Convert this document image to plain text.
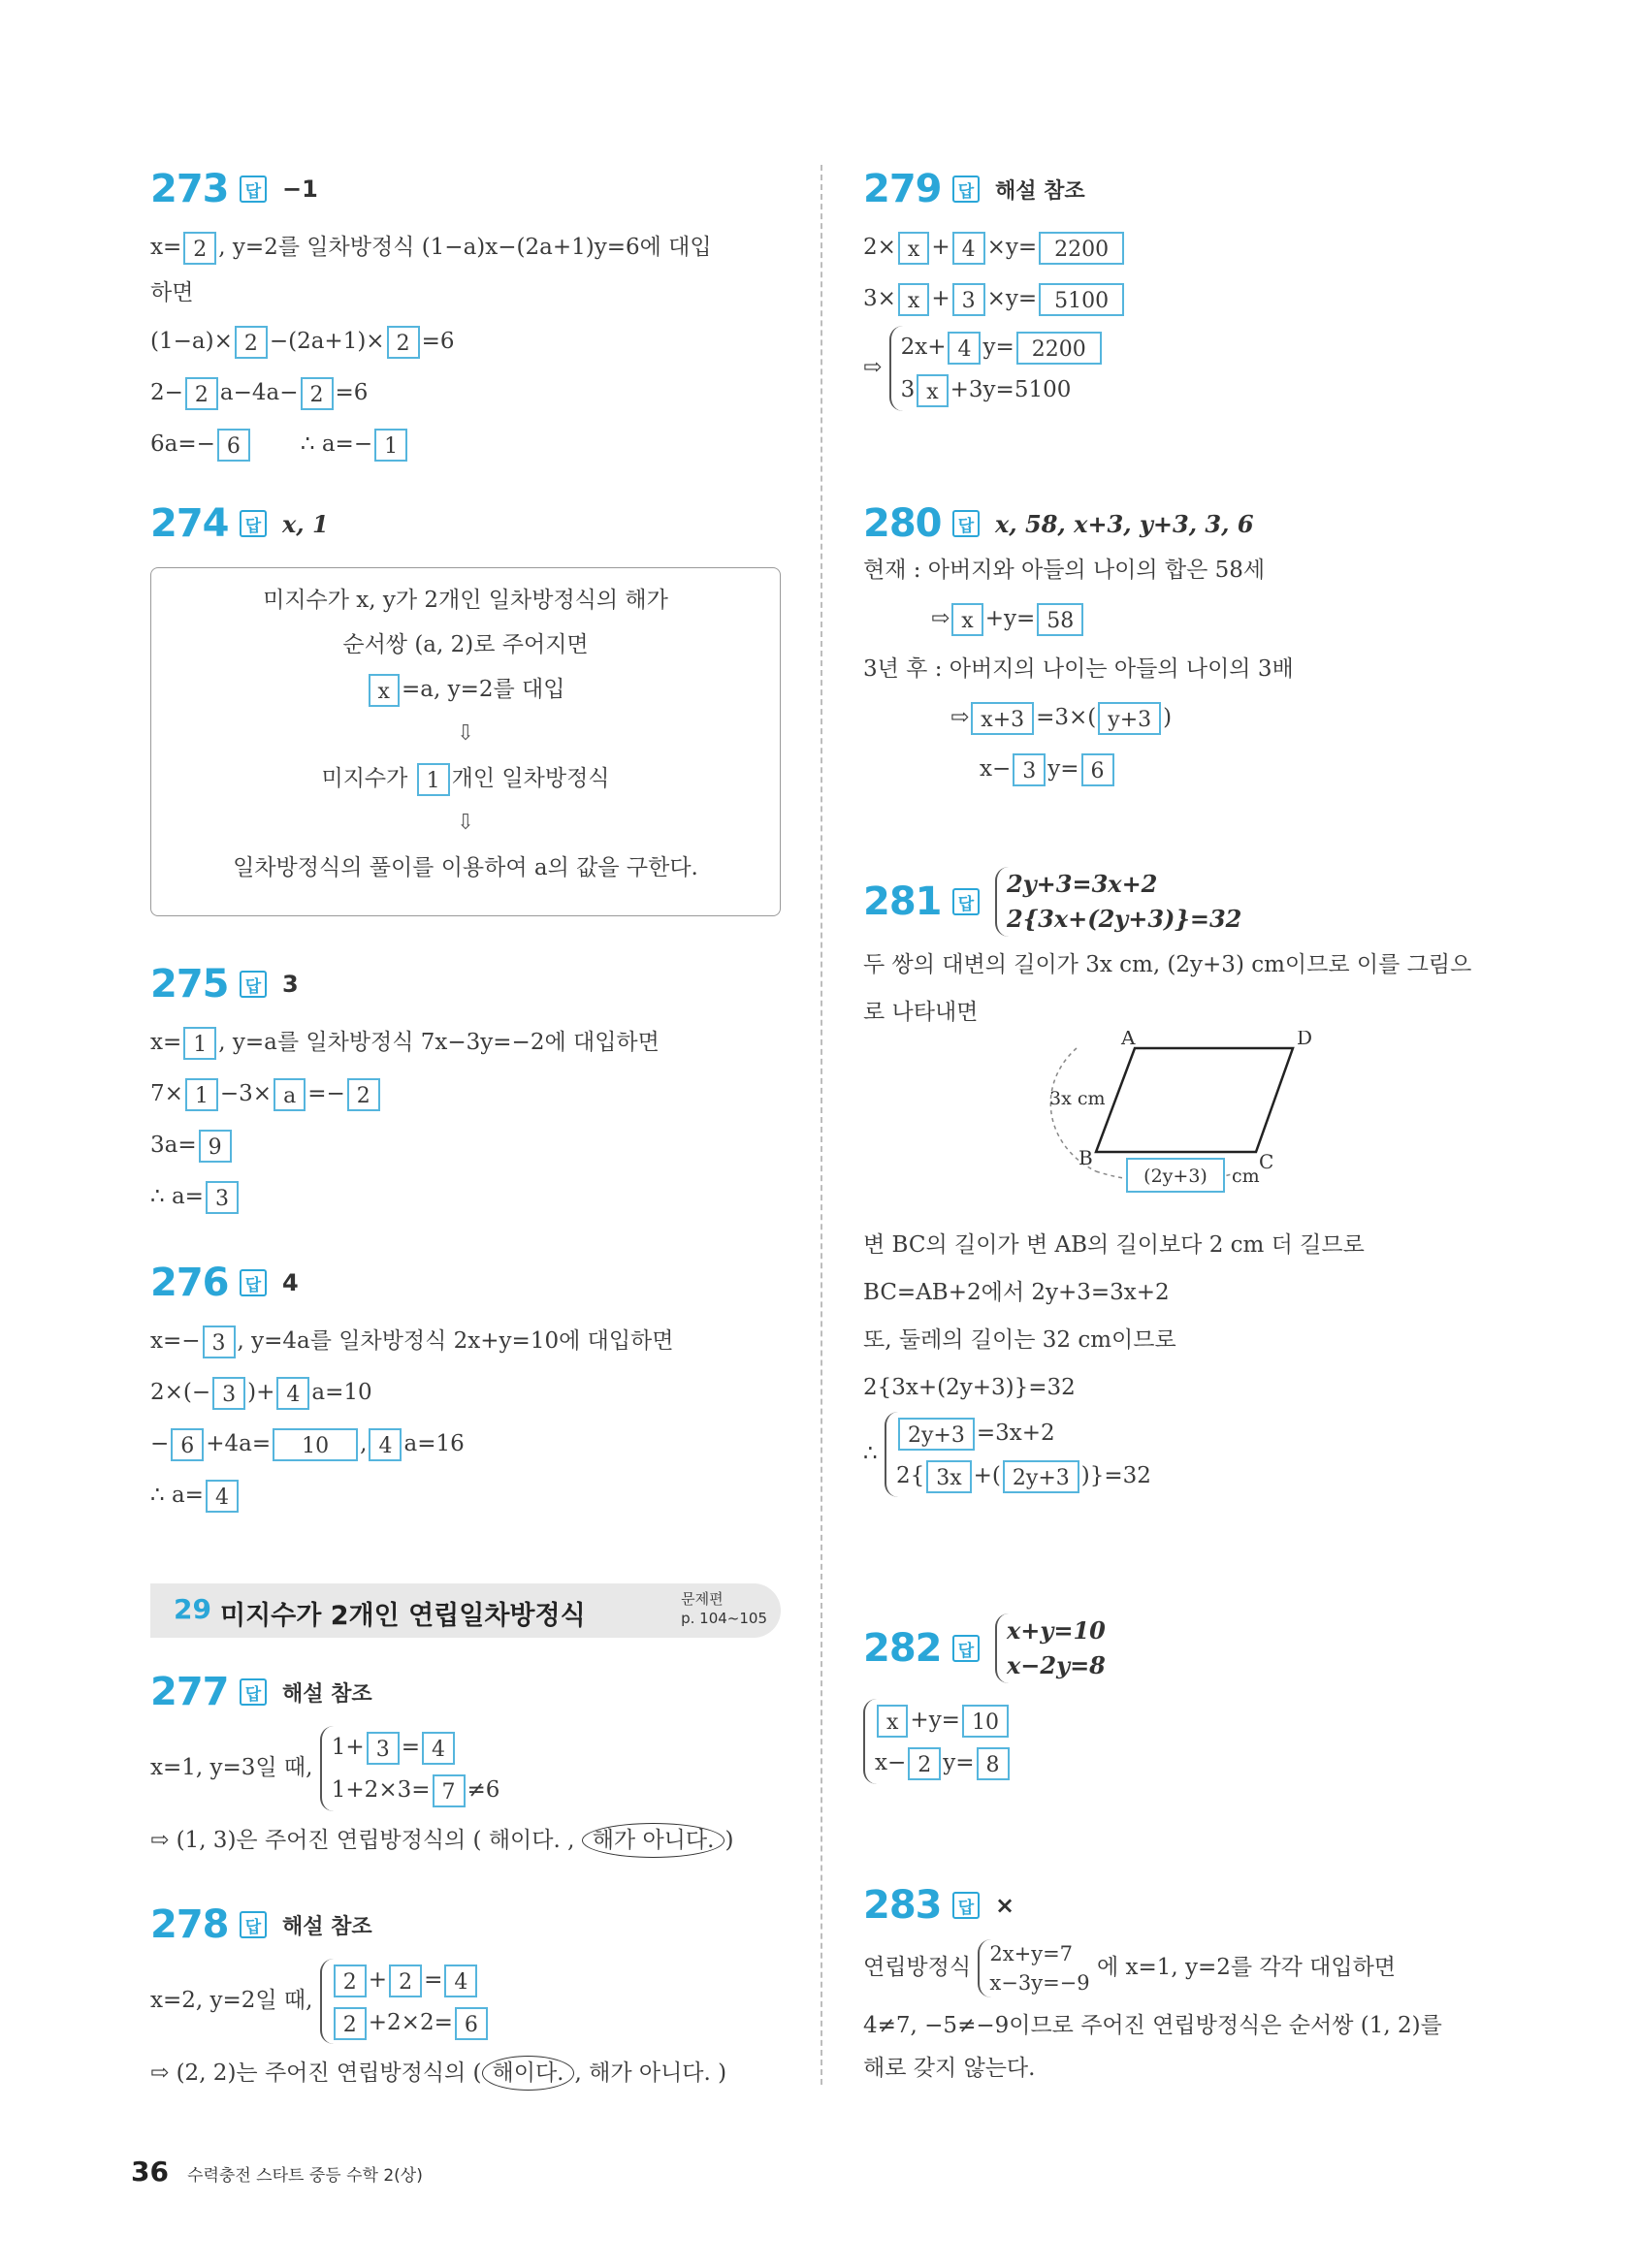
273	답 −1
x= 2 , y=2를 일차방정식 (1−a)x−(2a+1)y=6에 대입
하면
(1−a)× 2 −(2a+1)× 2 =6
2− 2 a−4a− 2 =6
6a=− 6	∴ a=− 1
274	답 x, 1
미지수가 x, y가 2개인 일차방정식의 해가
순서쌍 (a, 2)로 주어지면
x =a, y=2를 대입
⇩
미지수가 1 개인 일차방정식
⇩
일차방정식의 풀이를 이용하여 a의 값을 구한다.
275	답 3
x= 1 , y=a를 일차방정식 7x−3y=−2에 대입하면
7× 1 −3× a =− 2
3a= 9
∴ a= 3
276	답 4
x=− 3 , y=4a를 일차방정식 2x+y=10에 대입하면
2×(− 3 )+ 4 a=10
− 6 +4a= 10 , 4 a=16
∴ a= 4
29 미지수가 2개인 연립일차방정식
문제편
p. 104~105
277	답 해설 참조
x=1, y=3일 때,
1+ 3 = 4
1+2×3= 7 ≠6
⇨ (1, 3)은 주어진 연립방정식의 ( 해이다. , 해가 아니다. )
278	답 해설 참조
x=2, y=2일 때,
2 + 2 = 4
2 +2×2= 6
⇨ (2, 2)는 주어진 연립방정식의 ( 해이다. , 해가 아니다. )
279	답 해설 참조
2× x + 4 ×y= 2200
3× x + 3 ×y= 5100
⇨
2x+ 4 y= 2200
3 x +3y=5100
280	답 x, 58, x+3, y+3, 3, 6
현재 : 아버지와 아들의 나이의 합은 58세
⇨ x +y= 58
3년 후 : 아버지의 나이는 아들의 나이의 3배
⇨ x+3 =3×( y+3 )
x− 3 y= 6
281	답
2y+3=3x+2
2{3x+(2y+3)}=32
두 쌍의 대변의 길이가 3x cm, (2y+3) cm이므로 이를 그림으
로 나타내면
A	D
B	C
3x cm
(2y+3) cm
변 BC의 길이가 변 AB의 길이보다 2 cm 더 길므로
BC=AB+2에서 2y+3=3x+2
또, 둘레의 길이는 32 cm이므로
2{3x+(2y+3)}=32
∴
2y+3 =3x+2
2{ 3x +( 2y+3 )}=32
282	답
x+y=10
x−2y=8
x +y= 10
x− 2 y= 8
283	답 ×
연립방정식
2x+y=7
x−3y=−9
에 x=1, y=2를 각각 대입하면
4≠7, −5≠−9이므로 주어진 연립방정식은 순서쌍 (1, 2)를
해로 갖지 않는다.
36 수력충전 스타트 중등 수학 2(상)
